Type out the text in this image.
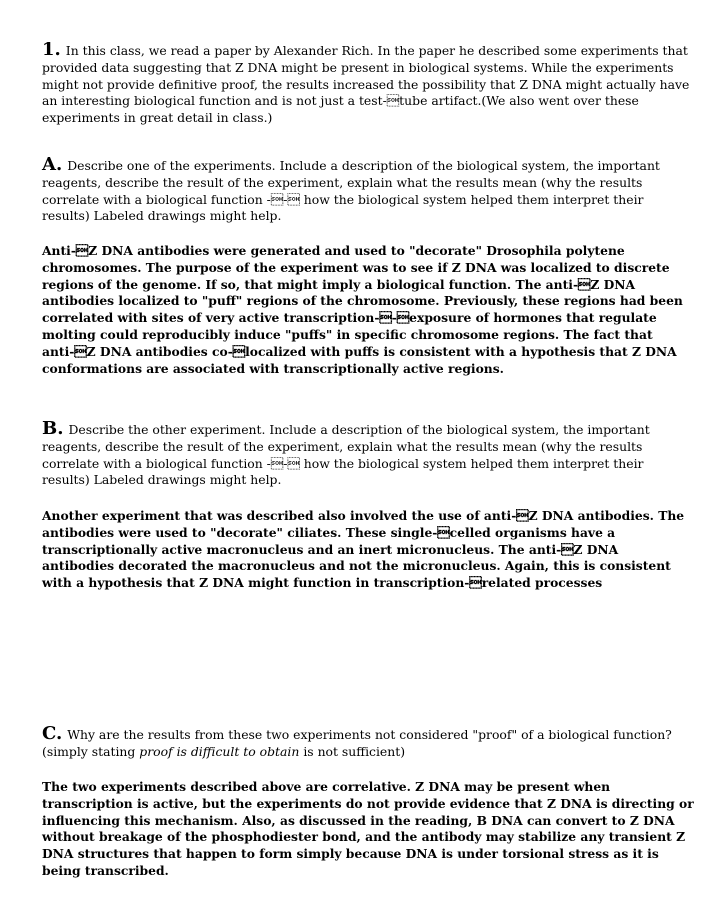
1. In this class, we read a paper by Alexander Rich. In the paper he described some experiments that provided data suggesting that Z DNA might be present in biological systems. While the experiments might not provide definitive proof, the results increased the possibility that Z DNA might actually have an interesting biological function and is not just a test-tube artifact.(We also went over these experiments in great detail in class.)
A. Describe one of the experiments. Include a description of the biological system, the important reagents, describe the result of the experiment, explain what the results mean (why the results correlate with a biological function -- how the biological system helped them interpret their results) Labeled drawings might help.
Anti-Z DNA antibodies were generated and used to "decorate" Drosophila polytene chromosomes. The purpose of the experiment was to see if Z DNA was localized to discrete regions of the genome. If so, that might imply a biological function. The anti-Z DNA antibodies localized to "puff" regions of the chromosome. Previously, these regions had been correlated with sites of very active transcription--exposure of hormones that regulate molting could reproducibly induce "puffs" in specific chromosome regions. The fact that anti-Z DNA antibodies co-localized with puffs is consistent with a hypothesis that Z DNA conformations are associated with transcriptionally active regions.
B. Describe the other experiment. Include a description of the biological system, the important reagents, describe the result of the experiment, explain what the results mean (why the results correlate with a biological function -- how the biological system helped them interpret their results) Labeled drawings might help.
Another experiment that was described also involved the use of anti-Z DNA antibodies. The antibodies were used to "decorate" ciliates. These single-celled organisms have a transcriptionally active macronucleus and an inert micronucleus. The anti-Z DNA antibodies decorated the macronucleus and not the micronucleus. Again, this is consistent with a hypothesis that Z DNA might function in transcription-related processes
C. Why are the results from these two experiments not considered "proof" of a biological function? (simply stating proof is difficult to obtain is not sufficient)
The two experiments described above are correlative. Z DNA may be present when transcription is active, but the experiments do not provide evidence that Z DNA is directing or influencing this mechanism. Also, as discussed in the reading, B DNA can convert to Z DNA without breakage of the phosphodiester bond, and the antibody may stabilize any transient Z DNA structures that happen to form simply because DNA is under torsional stress as it is being transcribed.
